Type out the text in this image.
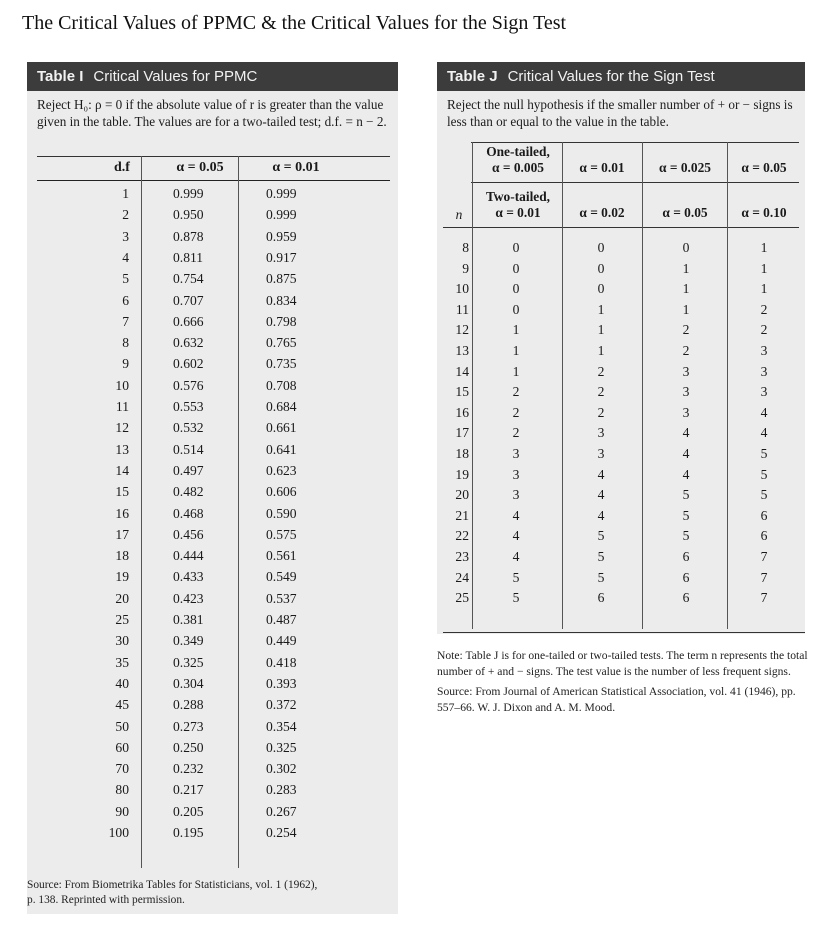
The Critical Values of PPMC & the Critical Values for the Sign Test
Table I Critical Values for PPMC
Reject H₀: ρ = 0 if the absolute value of r is greater than the value given in the table. The values are for a two-tailed test; d.f. = n − 2.
d.f	α = 0.05	α = 0.01
1	0.999	0.999
2	0.950	0.999
3	0.878	0.959
4	0.811	0.917
5	0.754	0.875
6	0.707	0.834
7	0.666	0.798
8	0.632	0.765
9	0.602	0.735
10	0.576	0.708
11	0.553	0.684
12	0.532	0.661
13	0.514	0.641
14	0.497	0.623
15	0.482	0.606
16	0.468	0.590
17	0.456	0.575
18	0.444	0.561
19	0.433	0.549
20	0.423	0.537
25	0.381	0.487
30	0.349	0.449
35	0.325	0.418
40	0.304	0.393
45	0.288	0.372
50	0.273	0.354
60	0.250	0.325
70	0.232	0.302
80	0.217	0.283
90	0.205	0.267
100	0.195	0.254
Source: From Biometrika Tables for Statisticians, vol. 1 (1962),
p. 138. Reprinted with permission.
Table J Critical Values for the Sign Test
Reject the null hypothesis if the smaller number of + or − signs is less than or equal to the value in the table.
One-tailed,
α = 0.005	α = 0.01	α = 0.025	α = 0.05
Two-tailed,
α = 0.01	α = 0.02	α = 0.05	α = 0.10
n
8	0	0	0	1
9	0	0	1	1
10	0	0	1	1
11	0	1	1	2
12	1	1	2	2
13	1	1	2	3
14	1	2	3	3
15	2	2	3	3
16	2	2	3	4
17	2	3	4	4
18	3	3	4	5
19	3	4	4	5
20	3	4	5	5
21	4	4	5	6
22	4	5	5	6
23	4	5	6	7
24	5	5	6	7
25	5	6	6	7

Note: Table J is for one-tailed or two-tailed tests. The term n represents the total number of + and − signs. The test value is the number of less frequent signs.

Source: From Journal of American Statistical Association, vol. 41 (1946), pp. 557–66. W. J. Dixon and A. M. Mood.
